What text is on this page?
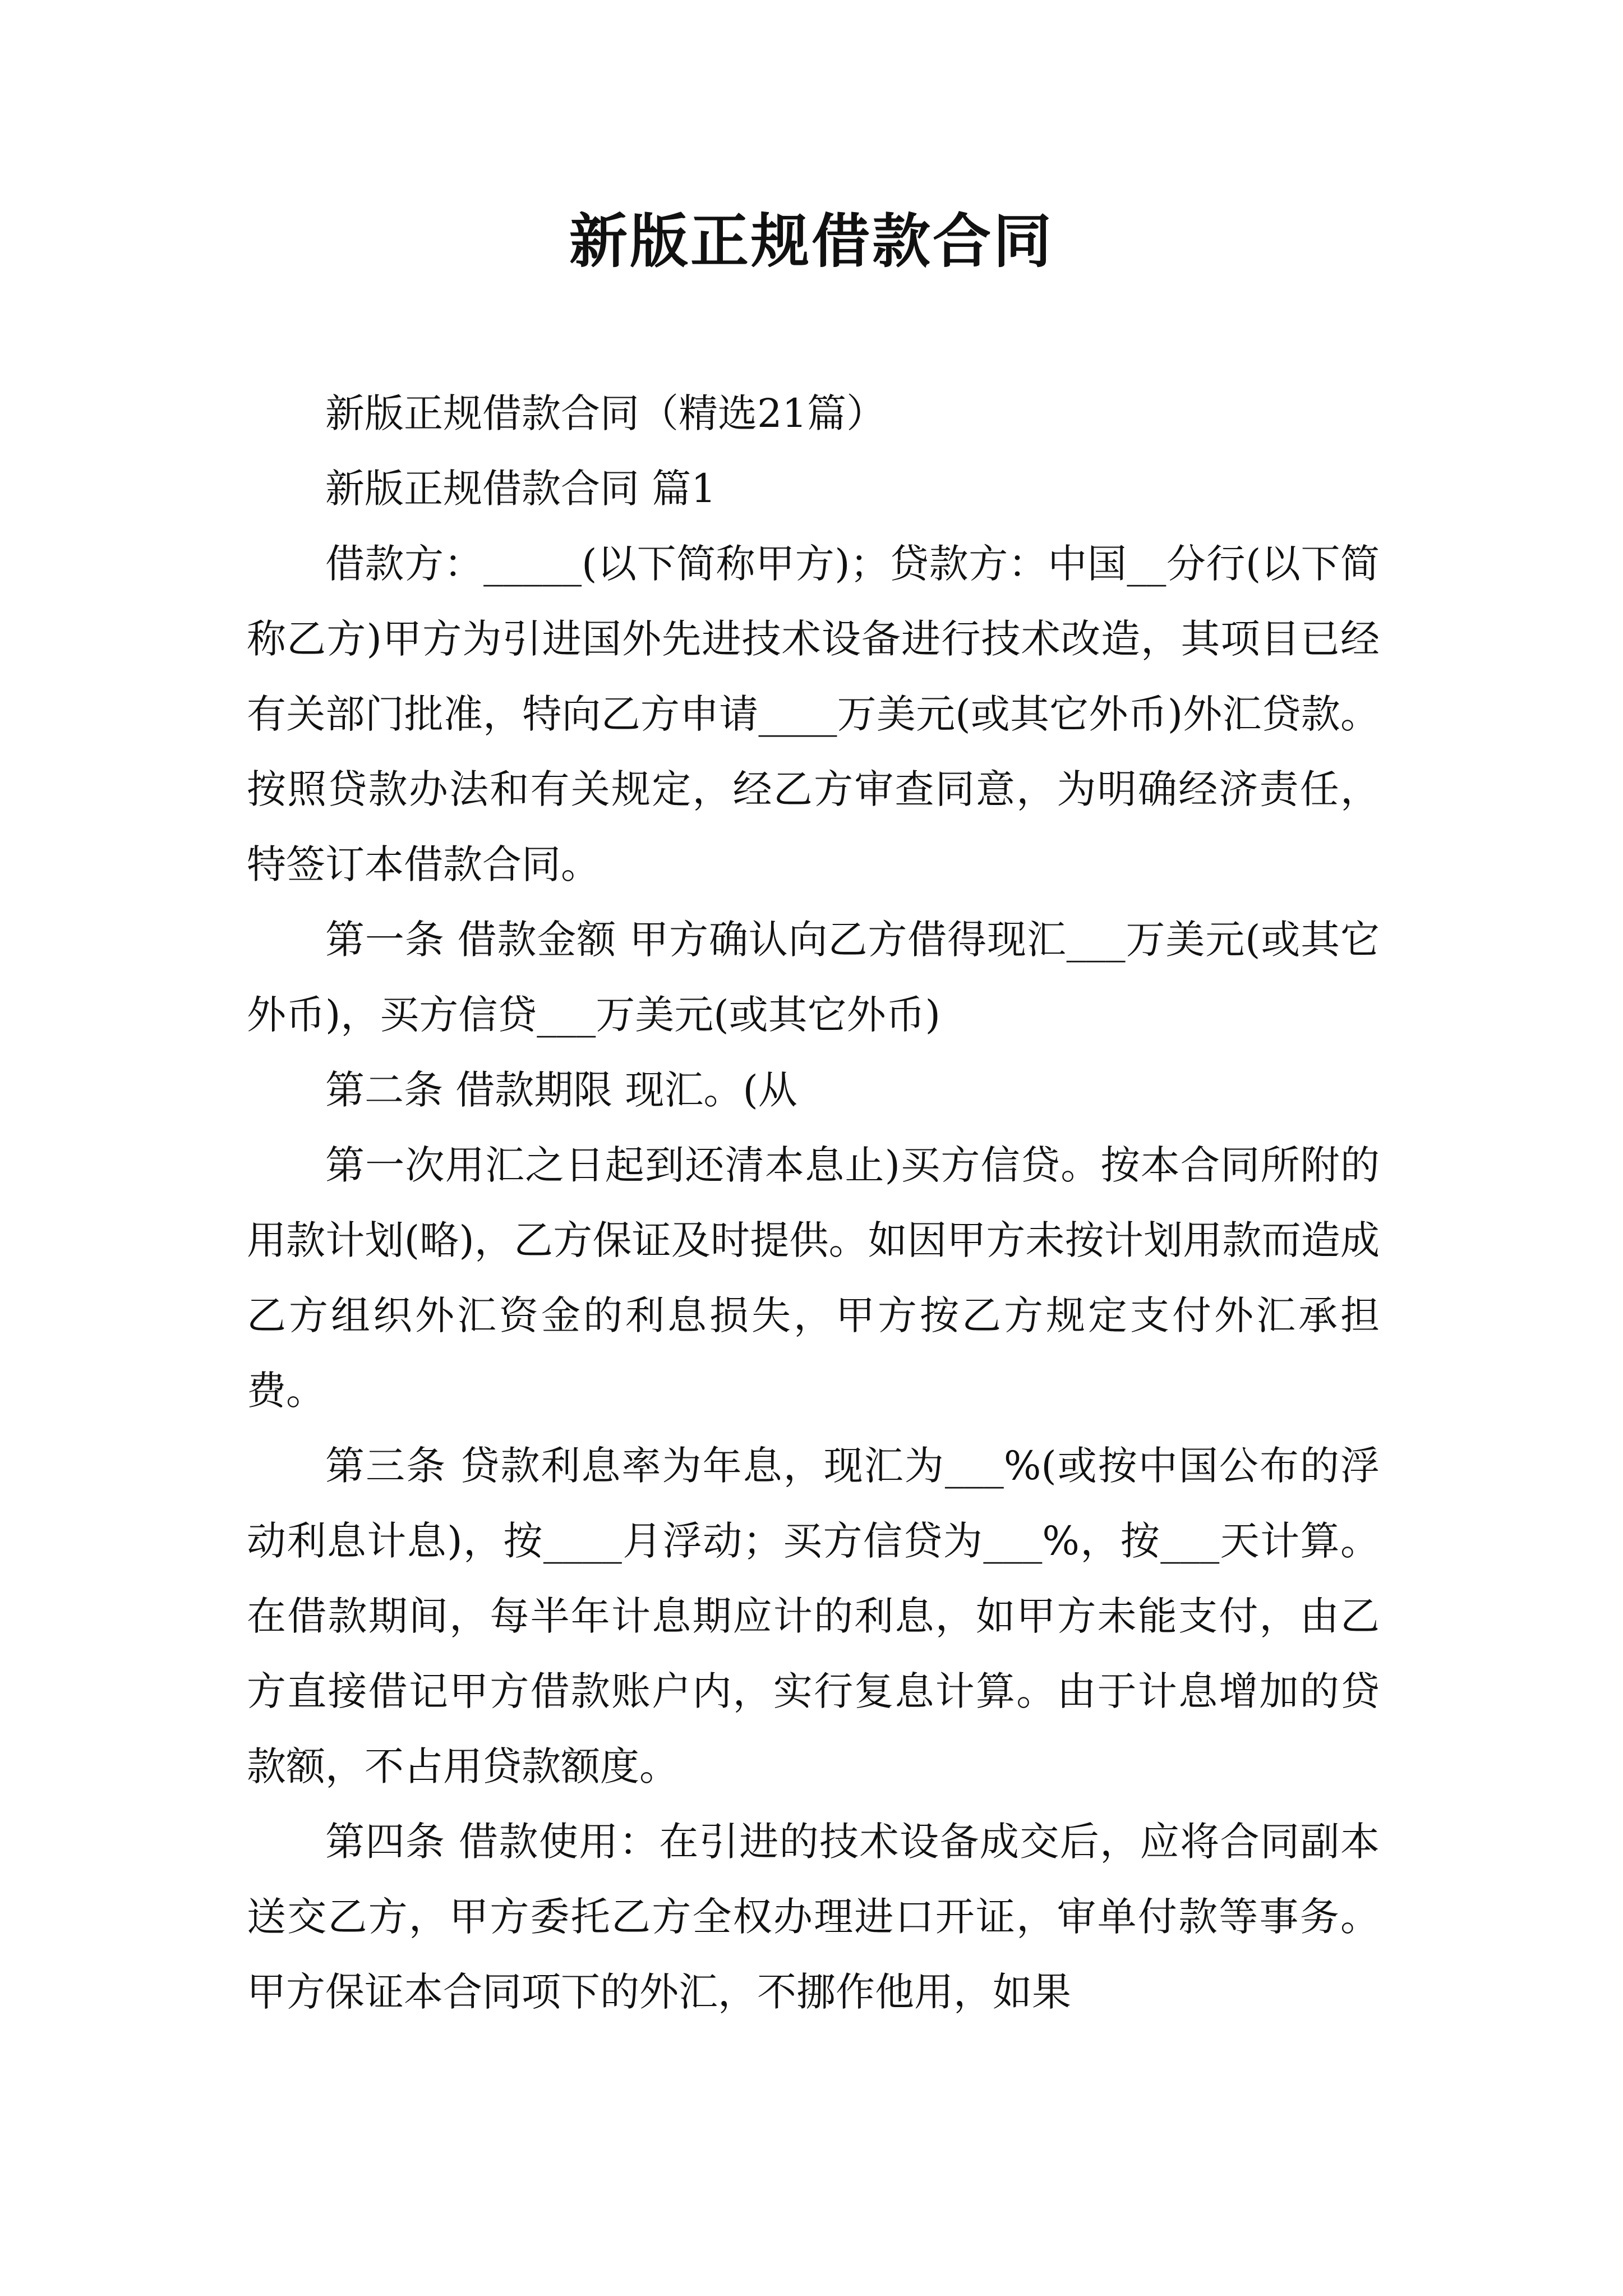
新版正规借款合同

新版正规借款合同（精选21篇）

新版正规借款合同 篇1

借款方：_____(以下简称甲方)；贷款方：中国__分行(以下简称乙方)甲方为引进国外先进技术设备进行技术改造，其项目已经有关部门批准，特向乙方申请____万美元(或其它外币)外汇贷款。按照贷款办法和有关规定，经乙方审查同意，为明确经济责任，特签订本借款合同。

第一条 借款金额 甲方确认向乙方借得现汇___万美元(或其它外币)，买方信贷___万美元(或其它外币)

第二条 借款期限 现汇。(从

第一次用汇之日起到还清本息止)买方信贷。按本合同所附的用款计划(略)，乙方保证及时提供。如因甲方未按计划用款而造成乙方组织外汇资金的利息损失，甲方按乙方规定支付外汇承担费。

第三条 贷款利息率为年息，现汇为___%(或按中国公布的浮动利息计息)，按____月浮动；买方信贷为___%，按___天计算。在借款期间，每半年计息期应计的利息，如甲方未能支付，由乙方直接借记甲方借款账户内，实行复息计算。由于计息增加的贷款额，不占用贷款额度。

第四条 借款使用：在引进的技术设备成交后，应将合同副本送交乙方，甲方委托乙方全权办理进口开证，审单付款等事务。甲方保证本合同项下的外汇，不挪作他用，如果
